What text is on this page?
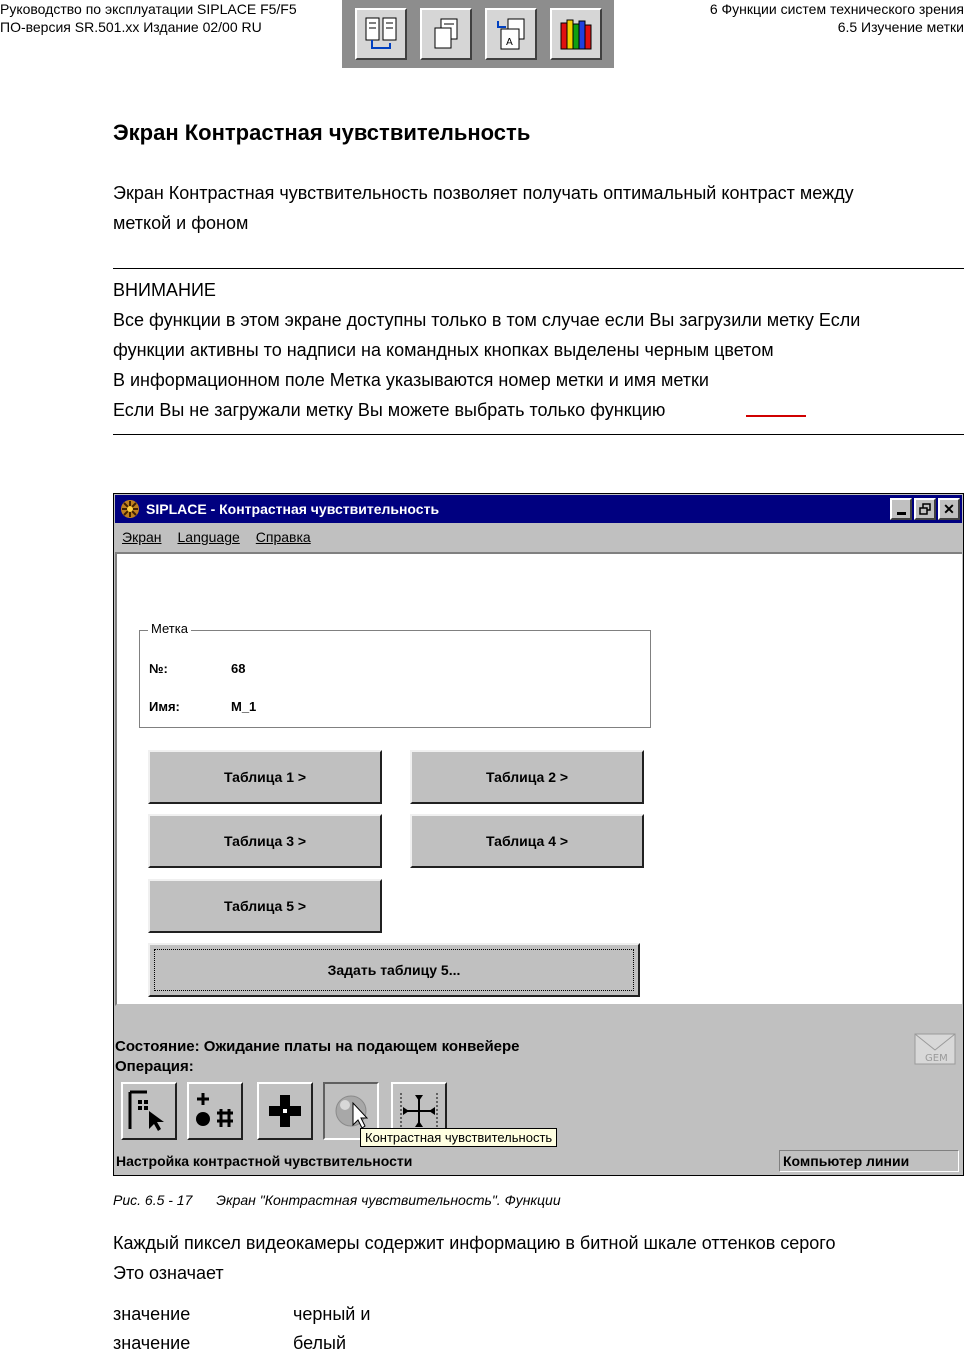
Руководство по эксплуатации SIPLACE F5/F5
ПО-версия SR.501.xx Издание 02/00 RU
6 Функции систем технического зрения
6.5 Изучение метки
A
Экран Контрастная чувствительность
Экран Контрастная чувствительность позволяет получать оптимальный контраст между
меткой и фоном
ВНИМАНИЕ
Все функции в этом экране доступны только в том случае если Вы загрузили метку Если
функции активны то надписи на командных кнопках выделены черным цветом
В информационном поле Метка указываются номер метки и имя метки
Если Вы не загружали метку Вы можете выбрать только функцию
SIPLACE - Контрастная чувствительность	✕
Экран Language Справка
Метка
№:	68
Имя:	M_1
Таблица 1 >	Таблица 2 >
Таблица 3 >	Таблица 4 >
Таблица 5 >
Задать таблицу 5...
Состояние: Ожидание платы на подающем конвейере
Операция:	GEM
Контрастная чувствительность
Настройка контрастной чувствительности	Компьютер линии
Рис. 6.5 - 17 Экран "Контрастная чувствительность". Функции
Каждый пиксел видеокамеры содержит информацию в битной шкале оттенков серого
Это означает
значение	черный и
значение	белый
